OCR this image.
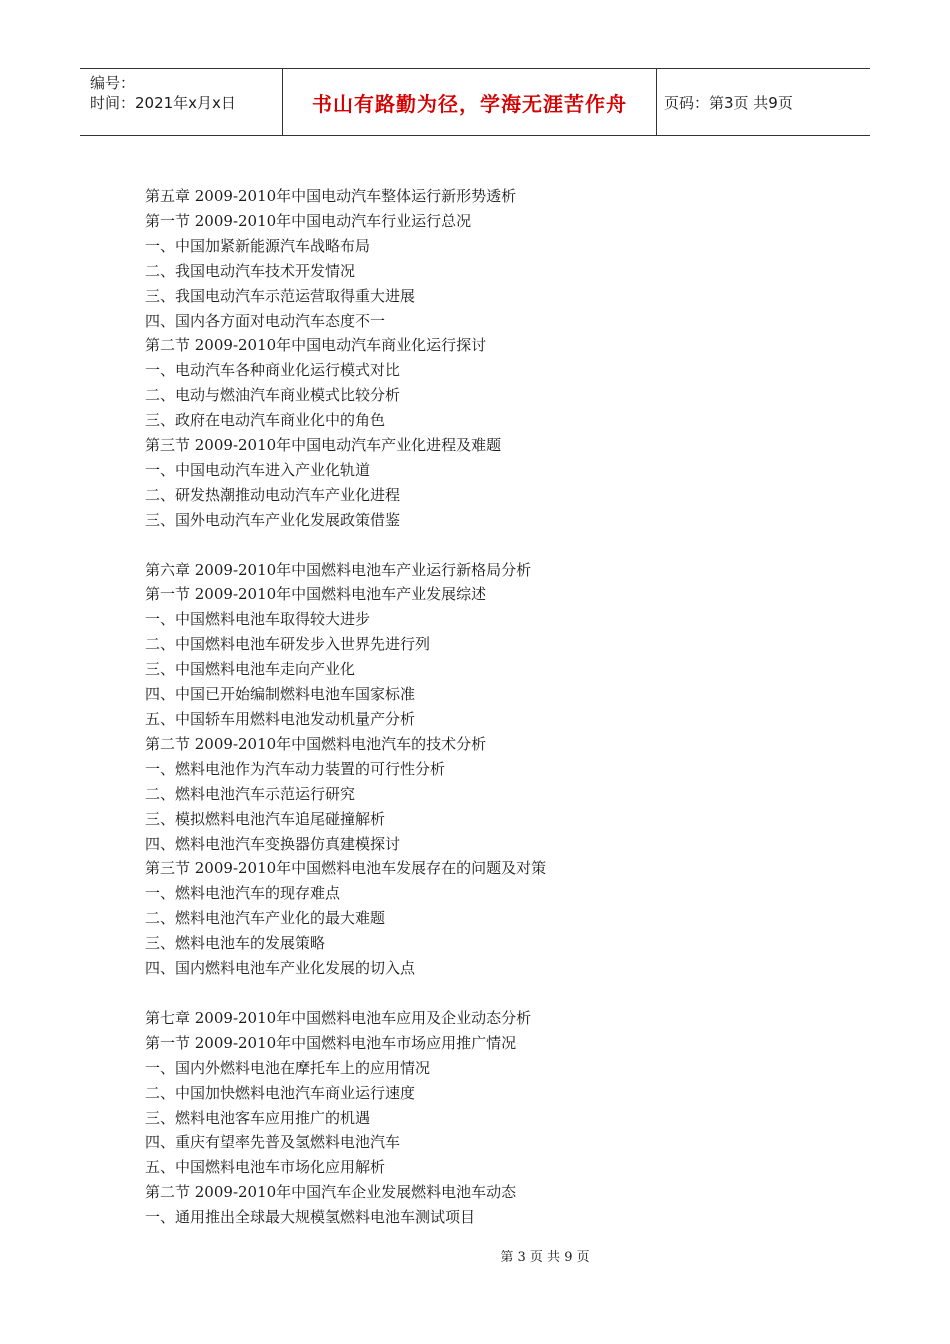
编号：
时间：2021年x月x日	书山有路勤为径，学海无涯苦作舟	页码：第3页 共9页
第五章 2009-2010年中国电动汽车整体运行新形势透析
第一节 2009-2010年中国电动汽车行业运行总况
一、中国加紧新能源汽车战略布局
二、我国电动汽车技术开发情况
三、我国电动汽车示范运营取得重大进展
四、国内各方面对电动汽车态度不一
第二节 2009-2010年中国电动汽车商业化运行探讨
一、电动汽车各种商业化运行模式对比
二、电动与燃油汽车商业模式比较分析
三、政府在电动汽车商业化中的角色
第三节 2009-2010年中国电动汽车产业化进程及难题
一、中国电动汽车进入产业化轨道
二、研发热潮推动电动汽车产业化进程
三、国外电动汽车产业化发展政策借鉴
第六章 2009-2010年中国燃料电池车产业运行新格局分析
第一节 2009-2010年中国燃料电池车产业发展综述
一、中国燃料电池车取得较大进步
二、中国燃料电池车研发步入世界先进行列
三、中国燃料电池车走向产业化
四、中国已开始编制燃料电池车国家标准
五、中国轿车用燃料电池发动机量产分析
第二节 2009-2010年中国燃料电池汽车的技术分析
一、燃料电池作为汽车动力装置的可行性分析
二、燃料电池汽车示范运行研究
三、模拟燃料电池汽车追尾碰撞解析
四、燃料电池汽车变换器仿真建模探讨
第三节 2009-2010年中国燃料电池车发展存在的问题及对策
一、燃料电池汽车的现存难点
二、燃料电池汽车产业化的最大难题
三、燃料电池车的发展策略
四、国内燃料电池车产业化发展的切入点
第七章 2009-2010年中国燃料电池车应用及企业动态分析
第一节 2009-2010年中国燃料电池车市场应用推广情况
一、国内外燃料电池在摩托车上的应用情况
二、中国加快燃料电池汽车商业运行速度
三、燃料电池客车应用推广的机遇
四、重庆有望率先普及氢燃料电池汽车
五、中国燃料电池车市场化应用解析
第二节 2009-2010年中国汽车企业发展燃料电池车动态
一、通用推出全球最大规模氢燃料电池车测试项目
第 3 页 共 9 页
